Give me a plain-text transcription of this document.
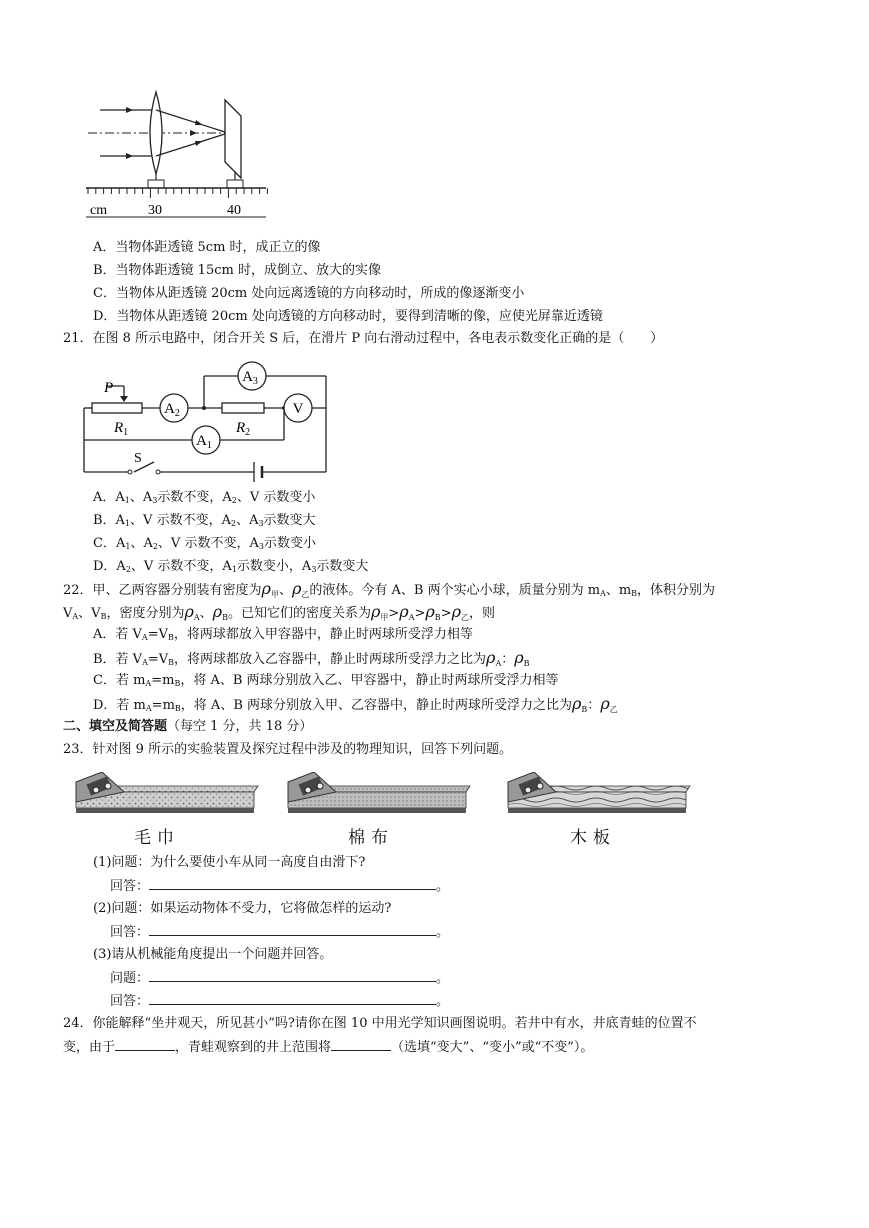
cm	30	40
A．当物体距透镜 5cm 时，成正立的像
B．当物体距透镜 15cm 时，成倒立、放大的实像
C．当物体从距透镜 20cm 处向远离透镜的方向移动时，所成的像逐渐变小
D．当物体从距透镜 20cm 处向透镜的方向移动时，要得到清晰的像，应使光屏靠近透镜
21．在图 8 所示电路中，闭合开关 S 后，在滑片 P 向右滑动过程中，各电表示数变化正确的是（　　）
$A_2$
$A_3$
V
$A_1$
P
$R_1$	$R_2$
S
A．$A_1$、$A_3$示数不变，$A_2$、V 示数变小
B．$A_1$、V 示数不变，$A_2$、$A_3$示数变大
C．$A_1$、$A_2$、V 示数不变，$A_3$示数变小
D．$A_2$、V 示数不变，$A_1$示数变小，$A_3$示数变大
22．甲、乙两容器分别装有密度为$\rho_甲$、$\rho_乙$的液体。今有 A、B 两个实心小球，质量分别为 $m_A$、$m_B$，体积分别为
$V_A$、$V_B$，密度分别为$\rho_A$、$\rho_B$。已知它们的密度关系为$\rho_甲>\rho_A>\rho_B>\rho_乙$，则
A．若 $V_A=V_B$，将两球都放入甲容器中，静止时两球所受浮力相等
B．若 $V_A=V_B$，将两球都放入乙容器中，静止时两球所受浮力之比为$\rho_A$：$\rho_B$
C．若 $m_A=m_B$，将 A、B 两球分别放入乙、甲容器中，静止时两球所受浮力相等
D．若 $m_A=m_B$，将 A、B 两球分别放入甲、乙容器中，静止时两球所受浮力之比为$\rho_B$：$\rho_乙$
二、填空及简答题（每空 1 分，共 18 分）
23．针对图 9 所示的实验装置及探究过程中涉及的物理知识，回答下列问题。
毛巾	棉布	木板
(1)问题：为什么要使小车从同一高度自由滑下?
回答：	。
(2)问题：如果运动物体不受力，它将做怎样的运动?
回答：	。
(3)请从机械能角度提出一个问题并回答。
问题：	。
回答：	。
24．你能解释“坐井观天，所见甚小”吗?请你在图 10 中用光学知识画图说明。若井中有水，井底青蛙的位置不
变，由于	，青蛙观察到的井上范围将	（选填“变大”、“变小”或“不变”）。
